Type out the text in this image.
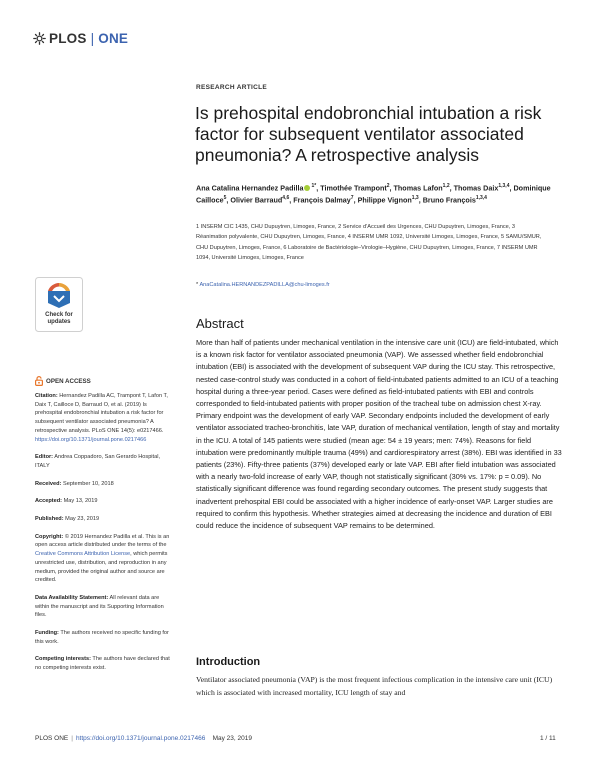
PLOS | ONE
RESEARCH ARTICLE
Is prehospital endobronchial intubation a risk factor for subsequent ventilator associated pneumonia? A retrospective analysis
Ana Catalina Hernandez Padilla $^{1*}$, Timothée Trampont$^2$, Thomas Lafon$^{1,2}$, Thomas Daix$^{1,3,4}$, Dominique Cailloce$^5$, Olivier Barraud$^{4,6}$, François Dalmay$^7$, Philippe Vignon$^{1,3}$, Bruno François$^{1,3,4}$
1 INSERM CIC 1435, CHU Dupuytren, Limoges, France, 2 Service d’Accueil des Urgences, CHU Dupuytren, Limoges, France, 3 Réanimation polyvalente, CHU Dupuytren, Limoges, France, 4 INSERM UMR 1092, Université Limoges, Limoges, France, 5 SAMU/SMUR, CHU Dupuytren, Limoges, France, 6 Laboratoire de Bactériologie–Virologie–Hygiène, CHU Dupuytren, Limoges, France, 7 INSERM UMR 1094, Université Limoges, Limoges, France
* AnaCatalina.HERNANDEZPADILLA@chu-limoges.fr
Abstract
More than half of patients under mechanical ventilation in the intensive care unit (ICU) are field-intubated, which is a known risk factor for ventilator associated pneumonia (VAP). We assessed whether field endobronchial intubation (EBI) is associated with the development of subsequent VAP during the ICU stay. This retrospective, nested case-control study was conducted in a cohort of field-intubated patients admitted to an ICU of a teaching hospital during a three-year period. Cases were defined as field-intubated patients with EBI and controls corresponded to field-intubated patients with proper position of the tracheal tube on admission chest X-ray. Primary endpoint was the development of early VAP. Secondary endpoints included the development of early ventilator associated tracheo-bronchitis, late VAP, duration of mechanical ventilation, length of stay and mortality in the ICU. A total of 145 patients were studied (mean age: 54 ± 19 years; men: 74%). Reasons for field intubation were predominantly multiple trauma (49%) and cardiorespiratory arrest (38%). EBI was identified in 33 patients (23%). Fifty-three patients (37%) developed early or late VAP. EBI after field intubation was associated with a nearly two-fold increase of early VAP, though not statistically significant (30% vs. 17%: p = 0.09). No statistically significant difference was found regarding secondary outcomes. The present study suggests that inadvertent prehospital EBI could be associated with a higher incidence of early-onset VAP. Larger studies are required to confirm this hypothesis. Whether strategies aimed at decreasing the incidence and duration of EBI could reduce the incidence of subsequent VAP remains to be determined.
Introduction
Ventilator associated pneumonia (VAP) is the most frequent infectious complication in the intensive care unit (ICU) which is associated with increased mortality, ICU length of stay and
Check for
updates
OPEN ACCESS
Citation: Hernandez Padilla AC, Trampont T, Lafon T, Daix T, Cailloce D, Barraud O, et al. (2019) Is prehospital endobronchial intubation a risk factor for subsequent ventilator associated pneumonia? A retrospective analysis. PLoS ONE 14(5): e0217466. https://doi.org/10.1371/journal.pone.0217466
Editor: Andrea Coppadoro, San Gerardo Hospital, ITALY
Received: September 10, 2018
Accepted: May 13, 2019
Published: May 23, 2019
Copyright: © 2019 Hernandez Padilla et al. This is an open access article distributed under the terms of the Creative Commons Attribution License, which permits unrestricted use, distribution, and reproduction in any medium, provided the original author and source are credited.
Data Availability Statement: All relevant data are within the manuscript and its Supporting Information files.
Funding: The authors received no specific funding for this work.
Competing interests: The authors have declared that no competing interests exist.
PLOS ONE | https://doi.org/10.1371/journal.pone.0217466 May 23, 2019	1 / 11
